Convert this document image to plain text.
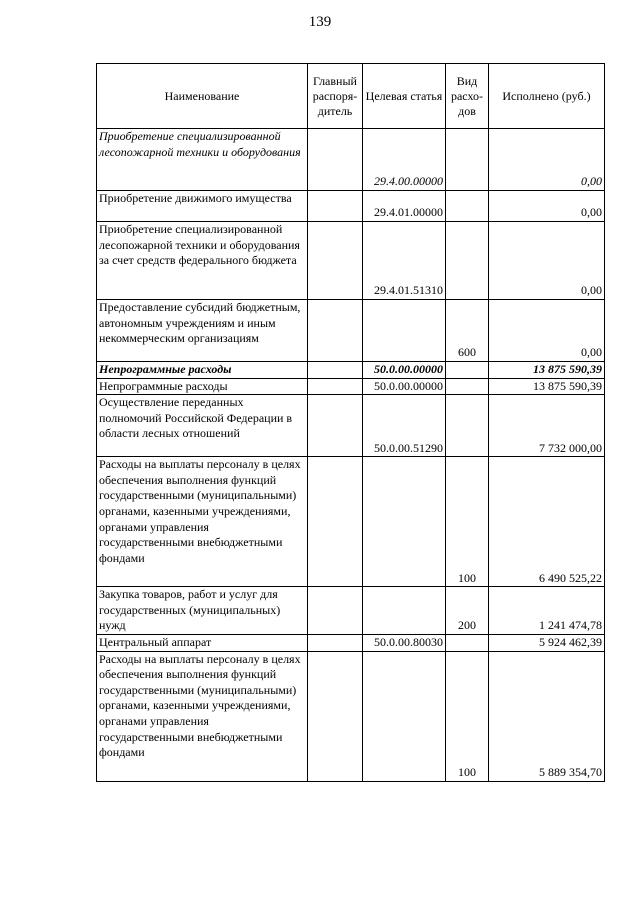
139
Наименование	Главный распоря-дитель	Целевая статья	Вид расхо-дов	Исполнено (руб.)
Приобретение специализированной лесопожарной техники и оборудования		29.4.00.00000		0,00
Приобретение движимого имущества		29.4.01.00000		0,00
Приобретение специализированной лесопожарной техники и оборудования за счет средств федерального бюджета		29.4.01.51310		0,00
Предоставление субсидий бюджетным, автономным учреждениям и иным некоммерческим организациям			600	0,00
Непрограммные расходы		50.0.00.00000		13 875 590,39
Непрограммные расходы		50.0.00.00000		13 875 590,39
Осуществление переданных полномочий Российской Федерации в области лесных отношений		50.0.00.51290		7 732 000,00
Расходы на выплаты персоналу в целях обеспечения выполнения функций государственными (муниципальными) органами, казенными учреждениями, органами управления государственными внебюджетными фондами			100	6 490 525,22
Закупка товаров, работ и услуг для государственных (муниципальных) нужд			200	1 241 474,78
Центральный аппарат		50.0.00.80030		5 924 462,39
Расходы на выплаты персоналу в целях обеспечения выполнения функций государственными (муниципальными) органами, казенными учреждениями, органами управления государственными внебюджетными фондами			100	5 889 354,70
